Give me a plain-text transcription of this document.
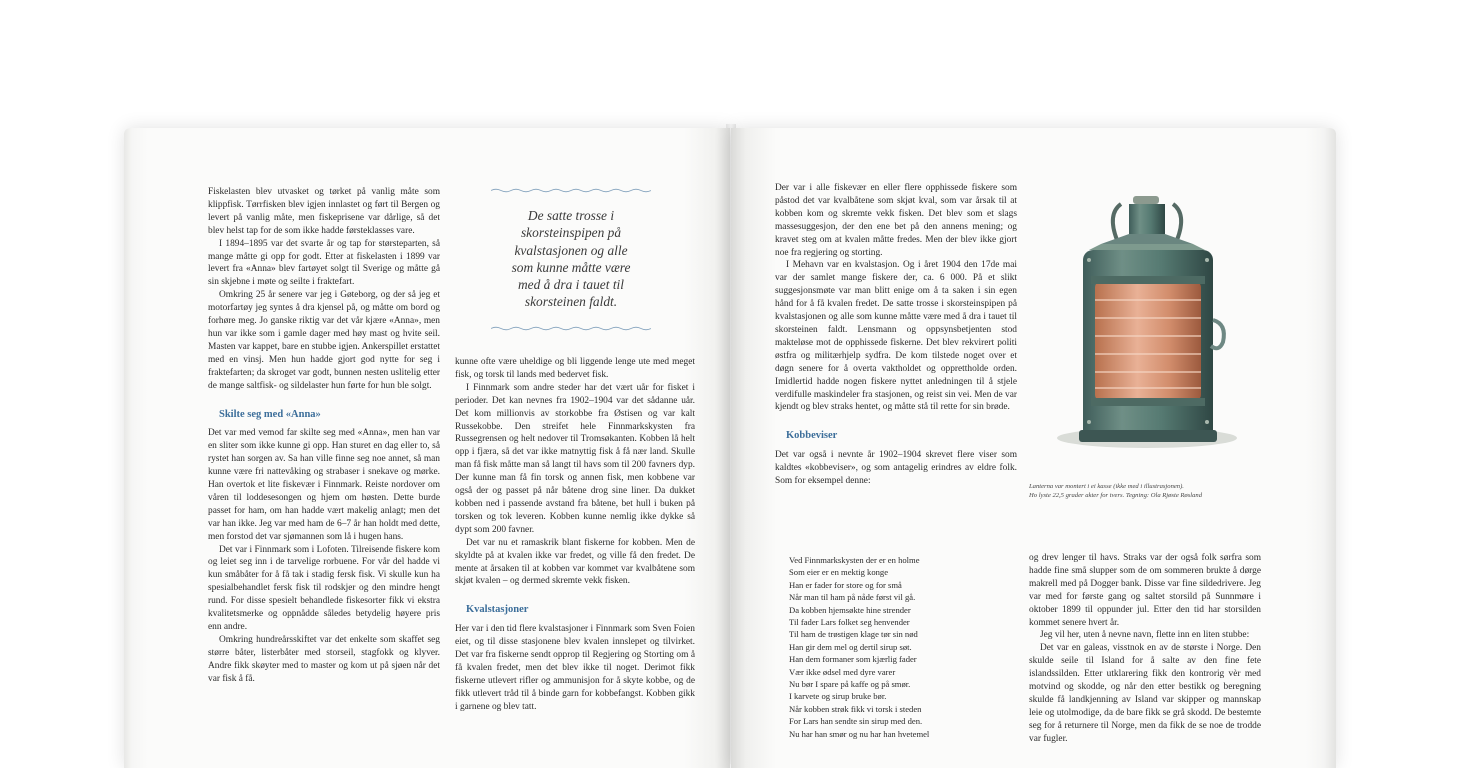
Fiskelasten blev utvasket og tørket på vanlig måte som klippfisk. Tørrfisken blev igjen innlastet og ført til Bergen og levert på vanlig måte, men fiskeprisene var dårlige, så det blev helst tap for de som ikke hadde førsteklasses vare.

I 1894–1895 var det svarte år og tap for størsteparten, så mange måtte gi opp for godt. Etter at fiskelasten i 1899 var levert fra «Anna» blev fartøyet solgt til Sverige og måtte gå sin skjebne i møte og seilte i fraktefart.

Omkring 25 år senere var jeg i Gøteborg, og der så jeg et motorfartøy jeg syntes å dra kjensel på, og måtte om bord og forhøre meg. Jo ganske riktig var det vår kjære «Anna», men hun var ikke som i gamle dager med høy mast og hvite seil. Masten var kappet, bare en stubbe igjen. Ankerspillet erstattet med en vinsj. Men hun hadde gjort god nytte for seg i fraktefarten; da skroget var godt, bunnen nesten uslitelig etter de mange saltfisk- og sildelaster hun førte for hun ble solgt.

Skilte seg med «Anna»

Det var med vemod far skilte seg med «Anna», men han var en sliter som ikke kunne gi opp. Han sturet en dag eller to, så rystet han sorgen av. Sa han ville finne seg noe annet, så man kunne være fri nattevåking og strabaser i snekave og mørke. Han overtok et lite fiskevær i Finnmark. Reiste nordover om våren til loddesesongen og hjem om høsten. Dette burde passet for ham, om han hadde vært makelig anlagt; men det var han ikke. Jeg var med ham de 6–7 år han holdt med dette, men forstod det var sjømannen som lå i hugen hans.

Det var i Finnmark som i Lofoten. Tilreisende fiskere kom og leiet seg inn i de tarvelige rorbuene. For vår del hadde vi kun småbåter for å få tak i stadig fersk fisk. Vi skulle kun ha spesialbehandlet fersk fisk til rodskjer og den mindre hengt rund. For disse spesielt behandlede fiskesorter fikk vi ekstra kvalitetsmerke og oppnådde således betydelig høyere pris enn andre.

Omkring hundreårsskiftet var det enkelte som skaffet seg større båter, listerbåter med storseil, stagfokk og klyver. Andre fikk skøyter med to master og kom ut på sjøen når det var fisk å få.

De satte trosse i
skorsteinspipen på
kvalstasjonen og alle
som kunne måtte være
med å dra i tauet til
skorsteinen faldt.

kunne ofte være uheldige og bli liggende lenge ute med meget fisk, og torsk til lands med bedervet fisk.

I Finnmark som andre steder har det vært uår for fisket i perioder. Det kan nevnes fra 1902–1904 var det sådanne uår. Det kom millionvis av storkobbe fra Østisen og var kalt Russekobbe. Den streifet hele Finnmarkskysten fra Russegrensen og helt nedover til Tromsøkanten. Kobben lå helt opp i fjæra, så det var ikke matnyttig fisk å få nær land. Skulle man få fisk måtte man så langt til havs som til 200 favners dyp. Der kunne man få fin torsk og annen fisk, men kobbene var også der og passet på når båtene drog sine liner. Da dukket kobben ned i passende avstand fra båtene, bet hull i buken på torsken og tok leveren. Kobben kunne nemlig ikke dykke så dypt som 200 favner.

Det var nu et ramaskrik blant fiskerne for kobben. Men de skyldte på at kvalen ikke var fredet, og ville få den fredet. De mente at årsaken til at kobben var kommet var kvalbåtene som skjøt kvalen – og dermed skremte vekk fisken.

Kvalstasjoner

Her var i den tid flere kvalstasjoner i Finnmark som Sven Foien eiet, og til disse stasjonene blev kvalen innslepet og tilvirket. Det var fra fiskerne sendt opprop til Regjering og Storting om å få kvalen fredet, men det blev ikke til noget. Derimot fikk fiskerne utlevert rifler og ammunisjon for å skyte kobbe, og de fikk utlevert tråd til å binde garn for kobbefangst. Kobben gikk i garnene og blev tatt.

Der var i alle fiskevær en eller flere opphissede fiskere som påstod det var kvalbåtene som skjøt kval, som var årsak til at kobben kom og skremte vekk fisken. Det blev som et slags massesuggesjon, der den ene bet på den annens mening; og kravet steg om at kvalen måtte fredes. Men der blev ikke gjort noe fra regjering og storting.

I Mehavn var en kvalstasjon. Og i året 1904 den 17de mai var der samlet mange fiskere der, ca. 6 000. På et slikt suggesjonsmøte var man blitt enige om å ta saken i sin egen hånd for å få kvalen fredet. De satte trosse i skorsteinspipen på kvalstasjonen og alle som kunne måtte være med å dra i tauet til skorsteinen faldt. Lensmann og oppsynsbetjenten stod makteløse mot de opphissede fiskerne. Det blev rekvirert politi østfra og militærhjelp sydfra. De kom tilstede noget over et døgn senere for å overta vaktholdet og opprettholde orden. Imidlertid hadde nogen fiskere nyttet anledningen til å stjele verdifulle maskindeler fra stasjonen, og reist sin vei. Men de var kjendt og blev straks hentet, og måtte stå til rette for sin brøde.

Kobbeviser

Det var også i nevnte år 1902–1904 skrevet flere viser som kaldtes «kobbeviser», og som antagelig erindres av eldre folk. Som for eksempel denne:

Ved Finnmarkskysten der er en holme
Som eier er en mektig konge
Han er fader for store og for små
Når man til ham på nåde først vil gå.
Da kobben hjemsøkte hine strender
Til fader Lars folket seg henvender
Til ham de trøstigen klage tør sin nød
Han gir dem mel og dertil sirup søt.
Han dem formaner som kjærlig fader
Vær ikke ødsel med dyre varer
Nu bør I spare på kaffe og på smør.
I karvete og sirup bruke bør.
Når kobben strøk fikk vi torsk i steden
For Lars han sendte sin sirup med den.
Nu har han smør og nu har han hvetemel
Lanterna var montert i ei kasse (ikke med i illustrasjonen).
Ho lyste 22,5 grader akter for tvers. Tegning: Ola Rjøste Røsland

og drev lenger til havs. Straks var der også folk sørfra som hadde fine små slupper som de om sommeren brukte å dørge makrell med på Dogger bank. Disse var fine sildedrivere. Jeg var med for første gang og saltet storsild på Sunnmøre i oktober 1899 til oppunder jul. Etter den tid har storsilden kommet senere hvert år.

Jeg vil her, uten å nevne navn, flette inn en liten stubbe:

Det var en galeas, visstnok en av de største i Norge. Den skulde seile til Island for å salte av den fine fete islandssilden. Etter utklarering fikk den kontrorig vèr med motvind og skodde, og når den etter bestikk og beregning skulde få landkjenning av Island var skipper og mannskap leie og utolmodige, da de bare fikk se grå skodd. De bestemte seg for å returnere til Norge, men da fikk de se noe de trodde var fugler.
